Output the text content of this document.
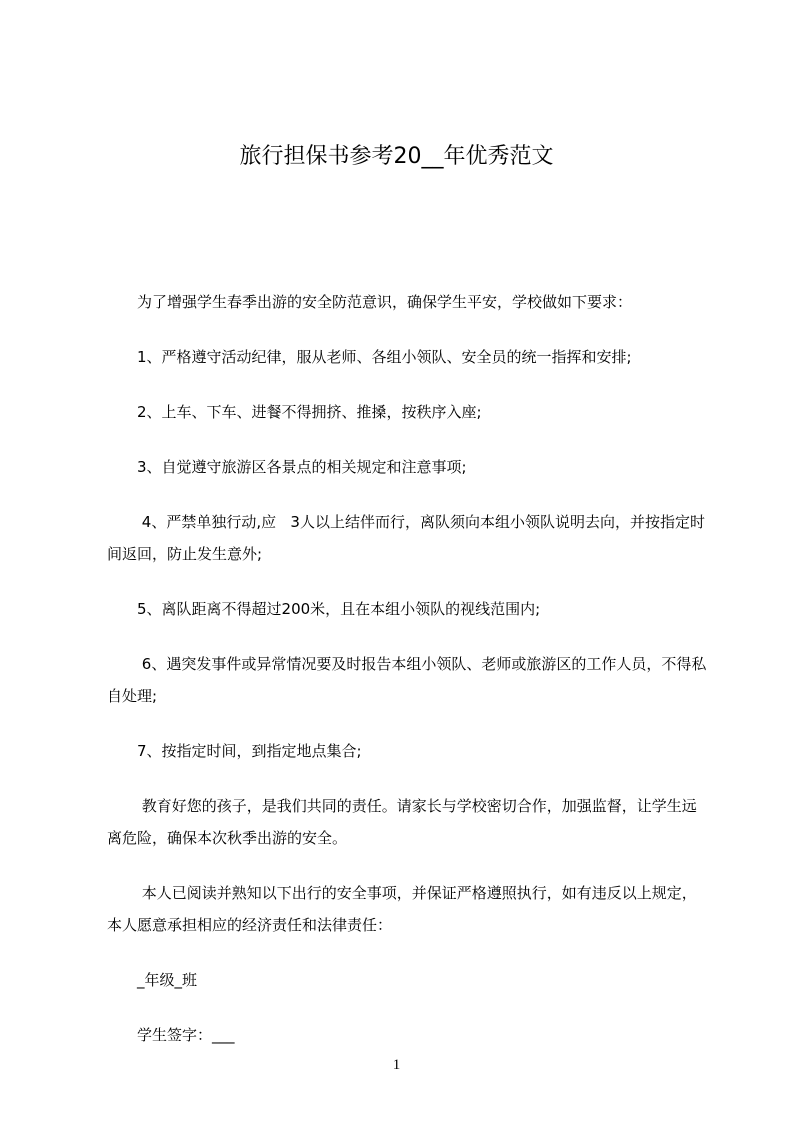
旅行担保书参考20__年优秀范文

为了增强学生春季出游的安全防范意识，确保学生平安，学校做如下要求：

1、严格遵守活动纪律，服从老师、各组小领队、安全员的统一指挥和安排;

2、上车、下车、进餐不得拥挤、推搡，按秩序入座;

3、自觉遵守旅游区各景点的相关规定和注意事项;

4、严禁单独行动,应   3人以上结伴而行，离队须向本组小领队说明去向，并按指定时间返回，防止发生意外;

5、离队距离不得超过200米，且在本组小领队的视线范围内;

6、遇突发事件或异常情况要及时报告本组小领队、老师或旅游区的工作人员，不得私自处理;

7、按指定时间，到指定地点集合;

教育好您的孩子，是我们共同的责任。请家长与学校密切合作，加强监督，让学生远离危险，确保本次秋季出游的安全。

本人已阅读并熟知以下出行的安全事项，并保证严格遵照执行，如有违反以上规定，本人愿意承担相应的经济责任和法律责任：

_年级_班

学生签字：___

1
